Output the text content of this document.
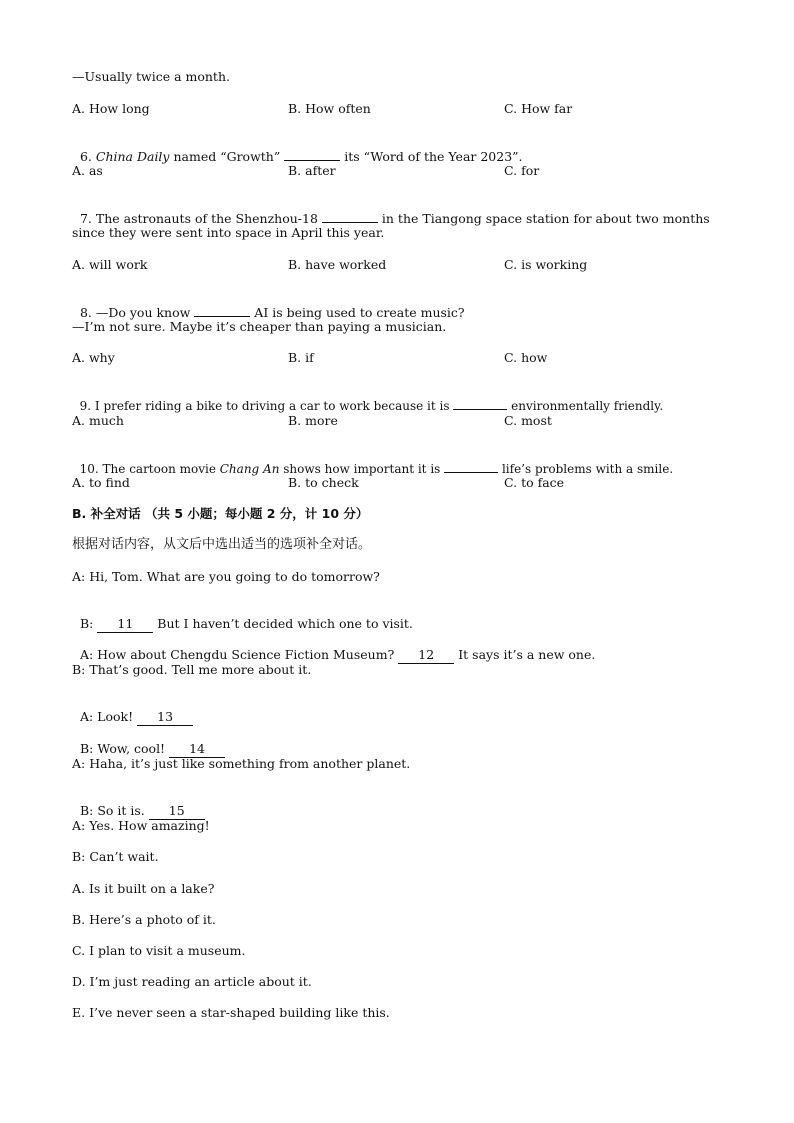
—Usually twice a month.
A. How long	B. How often	C. How far

6. China Daily named “Growth”	its “Word of the Year 2023”.

A. as	B. after	C. for

7. The astronauts of the Shenzhou-18	in the Tiangong space station for about two months

since they were sent into space in April this year.
A. will work	B. have worked	C. is working

8. —Do you know	AI is being used to create music?

—I’m not sure. Maybe it’s cheaper than paying a musician.
A. why	B. if	C. how

9. I prefer riding a bike to driving a car to work because it is	environmentally friendly.

A. much	B. more	C. most

10. The cartoon movie Chang An shows how important it is	life’s problems with a smile.

A. to find	B. to check	C. to face
B. 补全对话 （共 5 小题；每小题 2 分，计 10 分）
根据对话内容，从文后中选出适当的选项补全对话。
A: Hi, Tom. What are you going to do tomorrow?

B: 11 But I haven’t decided which one to visit.

A: How about Chengdu Science Fiction Museum? 12 It says it’s a new one.

B: That’s good. Tell me more about it.

A: Look! 13

B: Wow, cool! 14

A: Haha, it’s just like something from another planet.

B: So it is. 15

A: Yes. How amazing!
B: Can’t wait.
A. Is it built on a lake?
B. Here’s a photo of it.
C. I plan to visit a museum.
D. I’m just reading an article about it.
E. I’ve never seen a star-shaped building like this.
